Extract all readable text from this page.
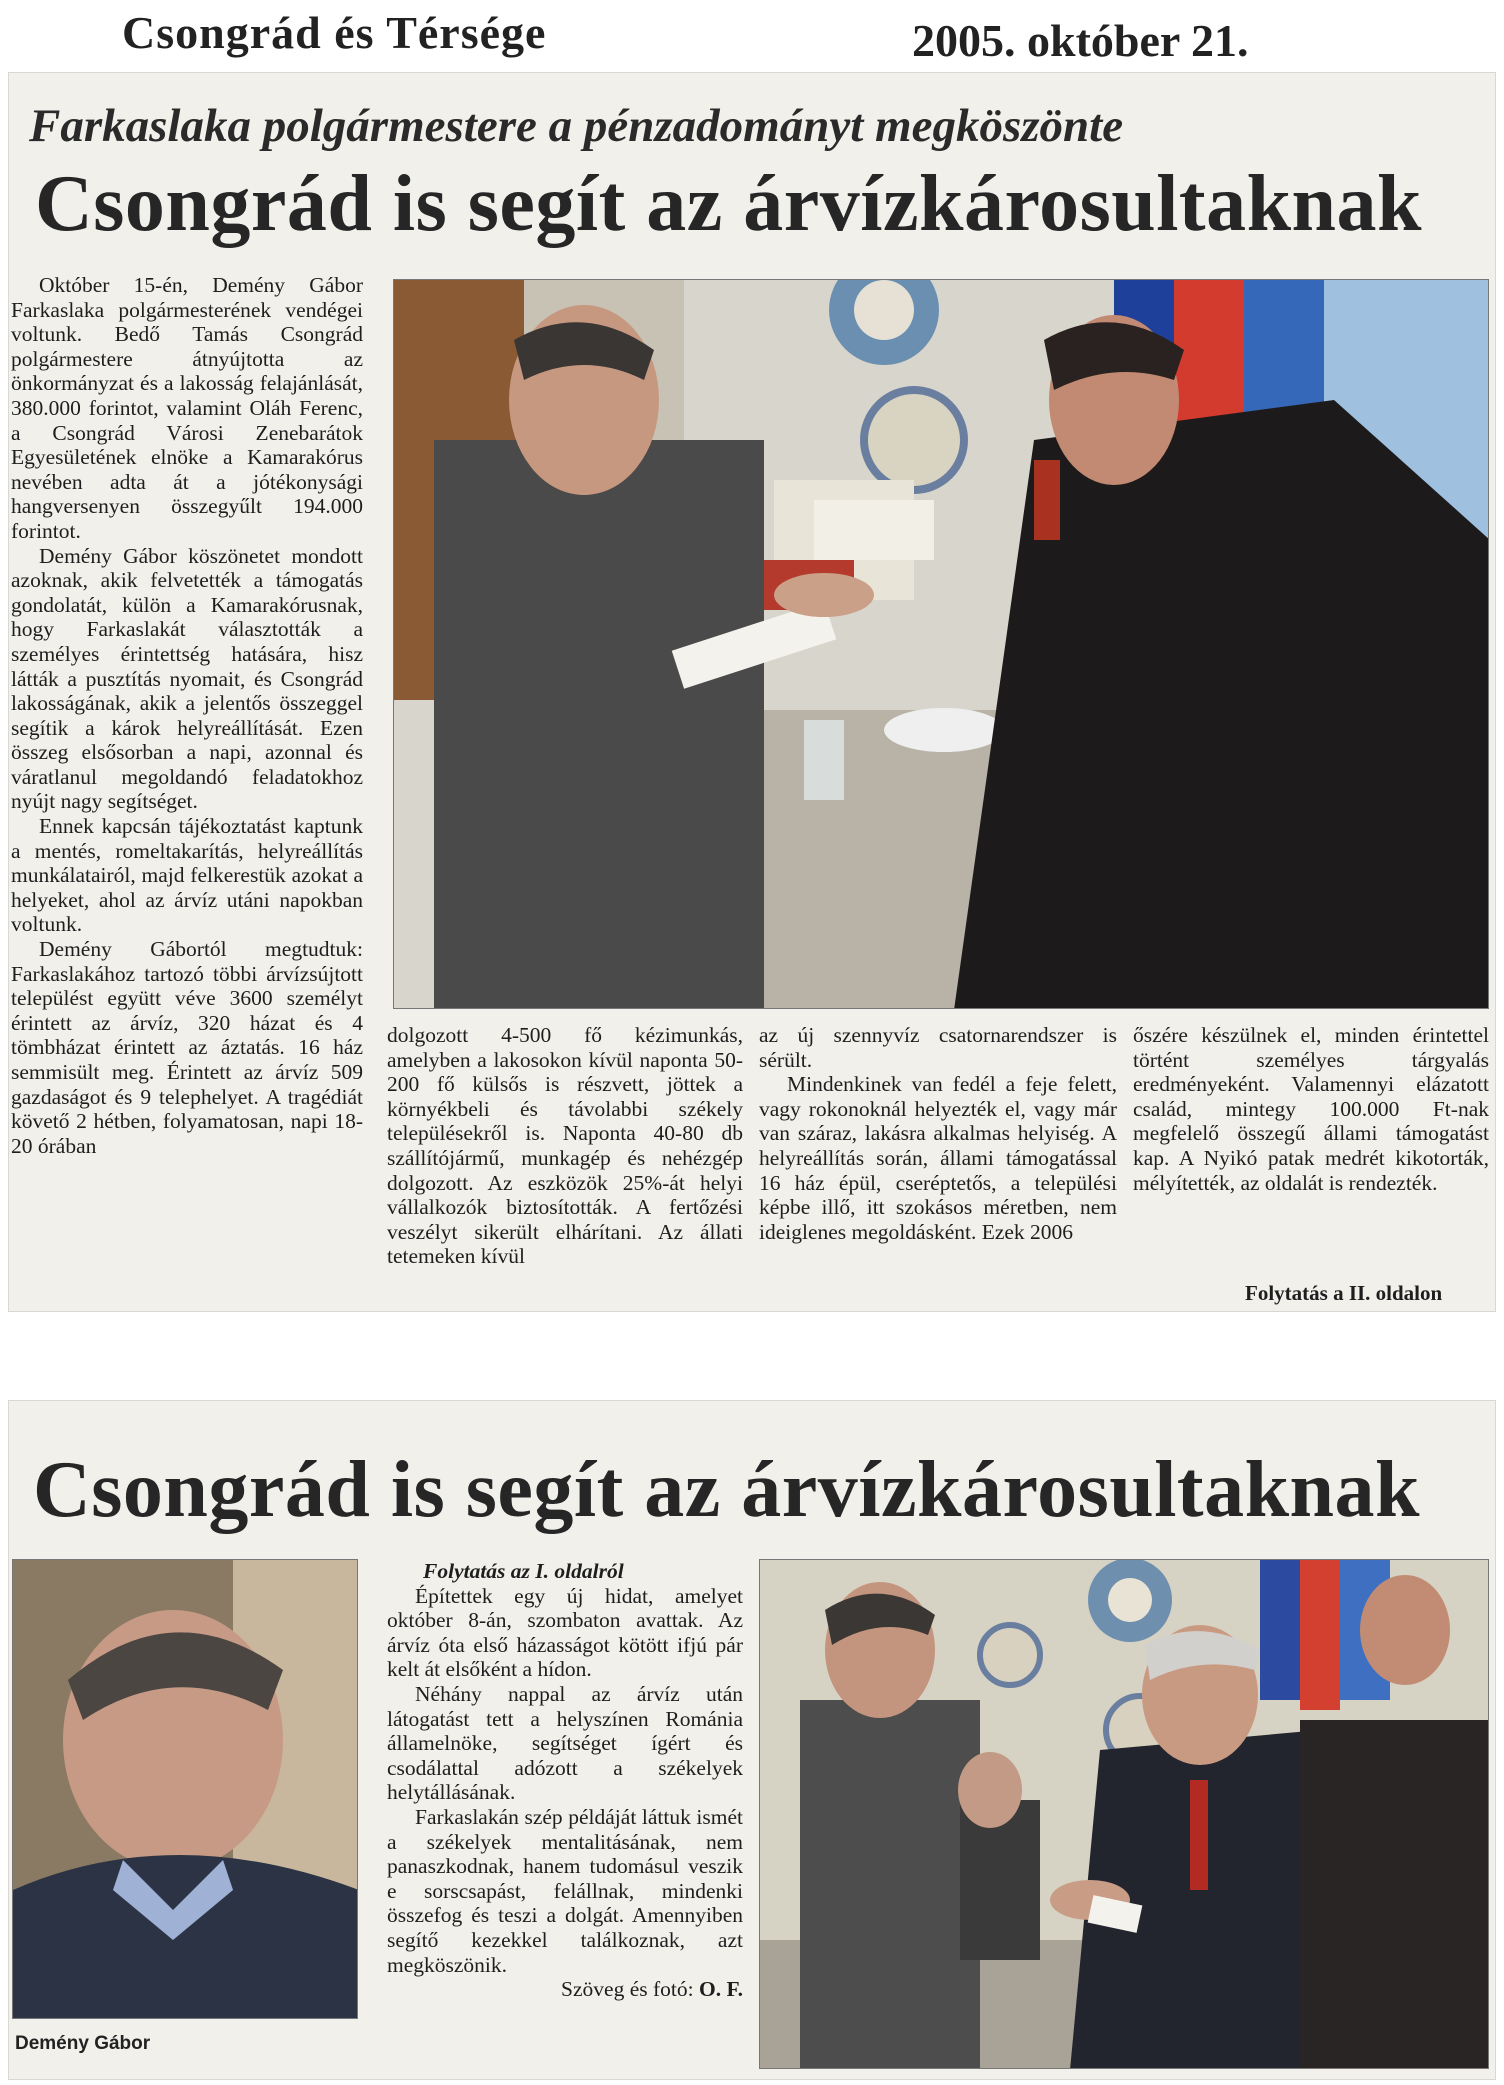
Csongrád és Térsége	2005. október 21.
Farkaslaka polgármestere a pénzadományt megköszönte
Csongrád is segít az árvízkárosultaknak

Október 15-én, Demény Gábor Farkaslaka polgármesterének vendégei voltunk. Bedő Tamás Csongrád polgármestere átnyújtotta az önkormányzat és a lakosság felajánlását, 380.000 forintot, valamint Oláh Ferenc, a Csongrád Városi Zenebarátok Egyesületének elnöke a Kamarakórus nevében adta át a jótékonysági hangversenyen összegyűlt 194.000 forintot.

Demény Gábor köszönetet mondott azoknak, akik felvetették a támogatás gondolatát, külön a Kamarakórusnak, hogy Farkaslakát választották a személyes érintettség hatására, hisz látták a pusztítás nyomait, és Csongrád lakosságának, akik a jelentős összeggel segítik a károk helyreállítását. Ezen összeg elsősorban a napi, azonnal és váratlanul megoldandó feladatokhoz nyújt nagy segítséget.

Ennek kapcsán tájékoztatást kaptunk a mentés, romeltakarítás, helyreállítás munkálatairól, majd felkerestük azokat a helyeket, ahol az árvíz utáni napokban voltunk.

Demény Gábortól megtudtuk: Farkaslakához tartozó többi árvízsújtott települést együtt véve 3600 személyt érintett az árvíz, 320 házat és 4 tömbházat érintett az áztatás. 16 ház semmisült meg. Érintett az árvíz 509 gazdaságot és 9 telephelyet. A tragédiát követő 2 hétben, folyamatosan, napi 18-20 órában

dolgozott 4-500 fő kézimunkás, amelyben a lakosokon kívül naponta 50-200 fő külsős is részvett, jöttek a környékbeli és távolabbi székely településekről is. Naponta 40-80 db szállítójármű, munkagép és nehézgép dolgozott. Az eszközök 25%-át helyi vállalkozók biztosították. A fertőzési veszélyt sikerült elhárítani. Az állati tetemeken kívül

az új szennyvíz csatornarendszer is sérült.

Mindenkinek van fedél a feje felett, vagy rokonoknál helyezték el, vagy már van száraz, lakásra alkalmas helyiség. A helyreállítás során, állami támogatással 16 ház épül, cseréptetős, a települési képbe illő, itt szokásos méretben, nem ideiglenes megoldásként. Ezek 2006

őszére készülnek el, minden érintettel történt személyes tárgyalás eredményeként. Valamennyi elázatott család, mintegy 100.000 Ft-nak megfelelő összegű állami támogatást kap. A Nyikó patak medrét kikotorták, mélyítették, az oldalát is rendezték.

Folytatás a II. oldalon
Csongrád is segít az árvízkárosultaknak
Demény Gábor

Folytatás az I. oldalról

Építettek egy új hidat, amelyet október 8-án, szombaton avattak. Az árvíz óta első házasságot kötött ifjú pár kelt át elsőként a hídon.

Néhány nappal az árvíz után látogatást tett a helyszínen Románia államelnöke, segítséget ígért és csodálattal adózott a székelyek helytállásának.

Farkaslakán szép példáját láttuk ismét a székelyek mentalitásának, nem panaszkodnak, hanem tudomásul veszik e sorscsapást, felállnak, mindenki összefog és teszi a dolgát. Amennyiben segítő kezekkel találkoznak, azt megköszönik.

Szöveg és fotó: O. F.
